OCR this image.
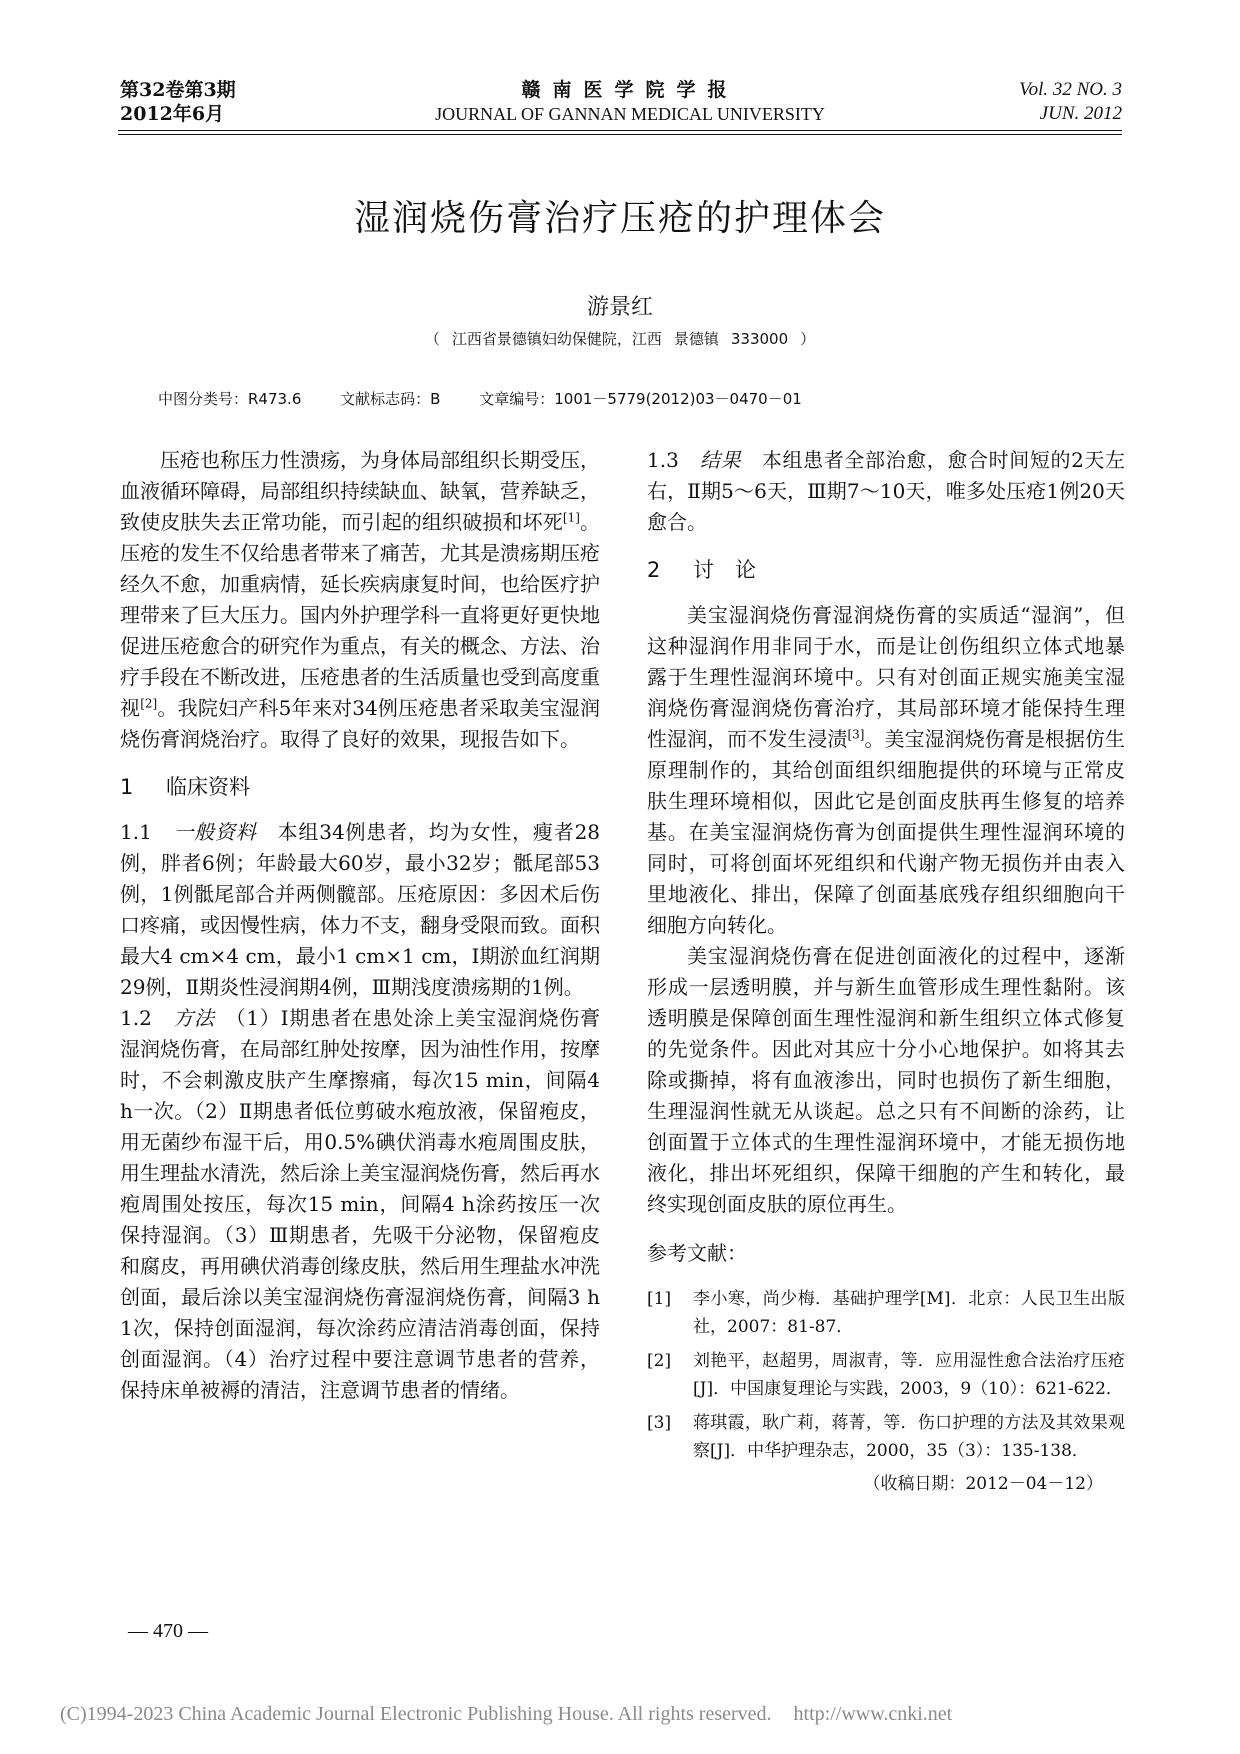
第32卷第3期
2012年6月
赣南医学院学报
JOURNAL OF GANNAN MEDICAL UNIVERSITY
Vol. 32 NO. 3
JUN. 2012
湿润烧伤膏治疗压疮的护理体会
游景红
（ 江西省景德镇妇幼保健院，江西 景德镇 333000 ）
中图分类号：R473.6	文献标志码：B	文章编号：1001－5779(2012)03－0470－01

压疮也称压力性溃疡，为身体局部组织长期受压，血液循环障碍，局部组织持续缺血、缺氧，营养缺乏，致使皮肤失去正常功能，而引起的组织破损和坏死[1]。压疮的发生不仅给患者带来了痛苦，尤其是溃疡期压疮经久不愈，加重病情，延长疾病康复时间，也给医疗护理带来了巨大压力。国内外护理学科一直将更好更快地促进压疮愈合的研究作为重点，有关的概念、方法、治疗手段在不断改进，压疮患者的生活质量也受到高度重视[2]。我院妇产科5年来对34例压疮患者采取美宝湿润烧伤膏润烧治疗。取得了良好的效果，现报告如下。

1 临床资料

1.1　 一般资料　 本组34例患者，均为女性，瘦者28例，胖者6例；年龄最大60岁，最小32岁；骶尾部53例，1例骶尾部合并两侧髋部。压疮原因：多因术后伤口疼痛，或因慢性病，体力不支，翻身受限而致。面积最大4 cm×4 cm，最小1 cm×1 cm，Ⅰ期淤血红润期29例，Ⅱ期炎性浸润期4例，Ⅲ期浅度溃疡期的1例。

1.2　 方法　 （1）Ⅰ期患者在患处涂上美宝湿润烧伤膏湿润烧伤膏，在局部红肿处按摩，因为油性作用，按摩时，不会刺激皮肤产生摩擦痛，每次15 min，间隔4 h一次。（2）Ⅱ期患者低位剪破水疱放液，保留疱皮，用无菌纱布湿干后，用0.5%碘伏消毒水疱周围皮肤，用生理盐水清洗，然后涂上美宝湿润烧伤膏，然后再水疱周围处按压，每次15 min，间隔4 h涂药按压一次保持湿润。（3）Ⅲ期患者，先吸干分泌物，保留疱皮和腐皮，再用碘伏消毒创缘皮肤，然后用生理盐水冲洗创面，最后涂以美宝湿润烧伤膏湿润烧伤膏，间隔3 h 1次，保持创面湿润，每次涂药应清洁消毒创面，保持创面湿润。（4）治疗过程中要注意调节患者的营养，保持床单被褥的清洁，注意调节患者的情绪。

1.3　 结果　 本组患者全部治愈，愈合时间短的2天左右，Ⅱ期5～6天，Ⅲ期7～10天，唯多处压疮1例20天愈合。

2 讨　论

美宝湿润烧伤膏湿润烧伤膏的实质适“湿润”，但这种湿润作用非同于水，而是让创伤组织立体式地暴露于生理性湿润环境中。只有对创面正规实施美宝湿润烧伤膏湿润烧伤膏治疗，其局部环境才能保持生理性湿润，而不发生浸渍[3]。美宝湿润烧伤膏是根据仿生原理制作的，其给创面组织细胞提供的环境与正常皮肤生理环境相似，因此它是创面皮肤再生修复的培养基。在美宝湿润烧伤膏为创面提供生理性湿润环境的同时，可将创面坏死组织和代谢产物无损伤并由表入里地液化、排出，保障了创面基底残存组织细胞向干细胞方向转化。

美宝湿润烧伤膏在促进创面液化的过程中，逐渐形成一层透明膜，并与新生血管形成生理性黏附。该透明膜是保障创面生理性湿润和新生组织立体式修复的先觉条件。因此对其应十分小心地保护。如将其去除或撕掉，将有血液渗出，同时也损伤了新生细胞，生理湿润性就无从谈起。总之只有不间断的涂药，让创面置于立体式的生理性湿润环境中，才能无损伤地液化，排出坏死组织，保障干细胞的产生和转化，最终实现创面皮肤的原位再生。

参考文献：

[1]	李小寒，尚少梅．基础护理学[M]．北京：人民卫生出版社，2007：81-87．

[2]	刘艳平，赵超男，周淑青，等．应用湿性愈合法治疗压疮[J]．中国康复理论与实践，2003，9（10）：621-622．

[3]	蒋琪霞，耿广莉，蒋菁，等．伤口护理的方法及其效果观察[J]．中华护理杂志，2000，35（3）：135-138．

（收稿日期：2012－04－12）

— 470 —
(C)1994-2023 China Academic Journal Electronic Publishing House. All rights reserved. http://www.cnki.net
